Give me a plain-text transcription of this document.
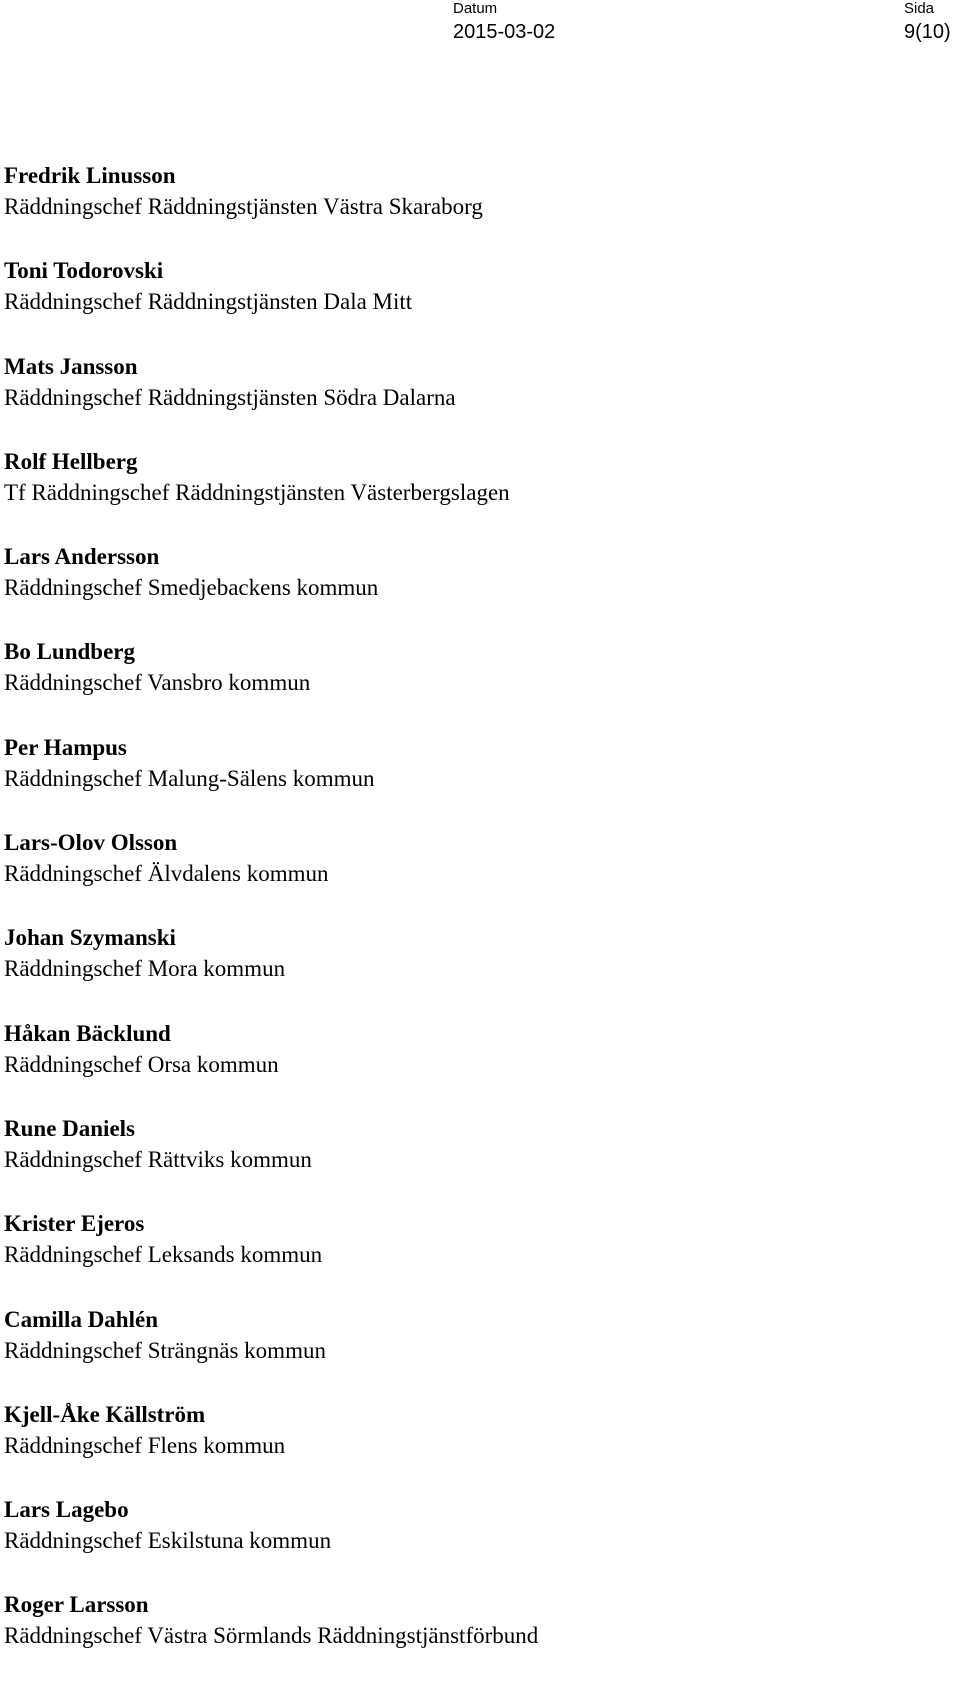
Datum
2015-03-02
Sida
9(10)
Fredrik Linusson
Räddningschef Räddningstjänsten Västra Skaraborg
Toni Todorovski
Räddningschef Räddningstjänsten Dala Mitt
Mats Jansson
Räddningschef Räddningstjänsten Södra Dalarna
Rolf Hellberg
Tf Räddningschef Räddningstjänsten Västerbergslagen
Lars Andersson
Räddningschef Smedjebackens kommun
Bo Lundberg
Räddningschef Vansbro kommun
Per Hampus
Räddningschef Malung-Sälens kommun
Lars-Olov Olsson
Räddningschef Älvdalens kommun
Johan Szymanski
Räddningschef Mora kommun
Håkan Bäcklund
Räddningschef Orsa kommun
Rune Daniels
Räddningschef Rättviks kommun
Krister Ejeros
Räddningschef Leksands kommun
Camilla Dahlén
Räddningschef Strängnäs kommun
Kjell-Åke Källström
Räddningschef Flens kommun
Lars Lagebo
Räddningschef Eskilstuna kommun
Roger Larsson
Räddningschef Västra Sörmlands Räddningstjänstförbund
